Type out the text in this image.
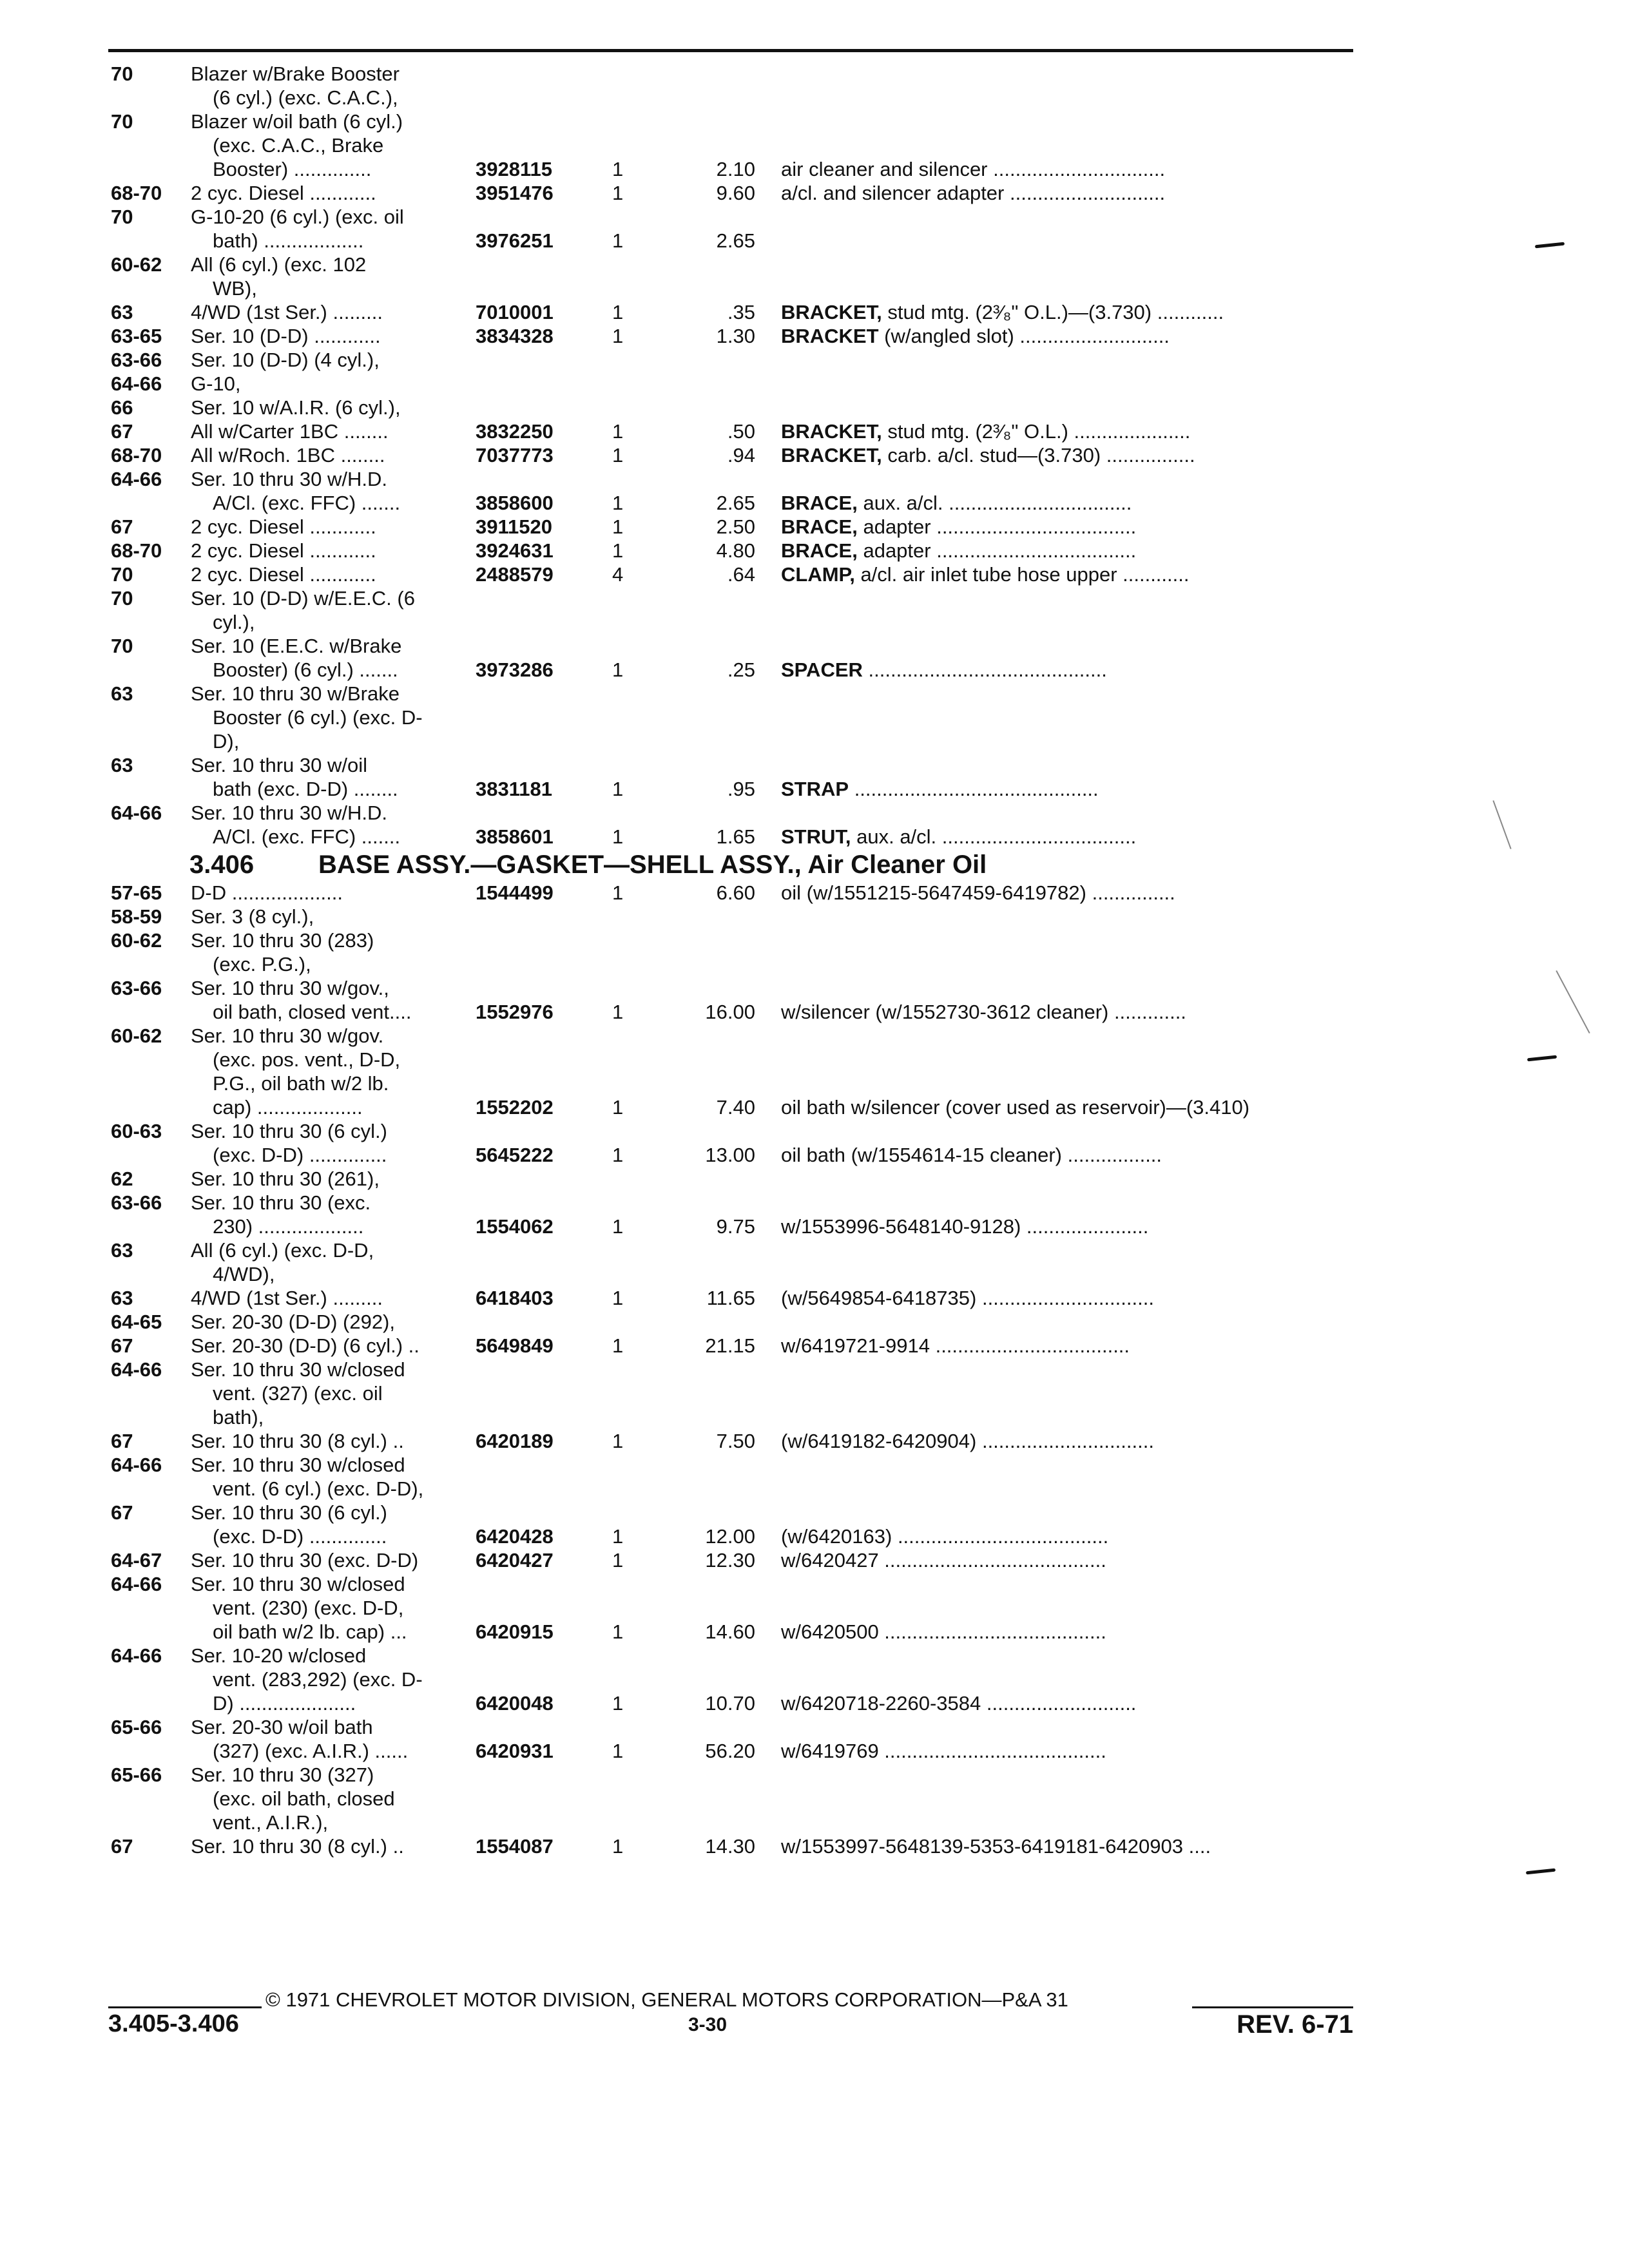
70	Blazer w/Brake Booster
(6 cyl.) (exc. C.A.C.),
70	Blazer w/oil bath (6 cyl.)
(exc. C.A.C., Brake
Booster) ..............	3928115	1	2.10 air cleaner and silencer ...............................
68-70 2 cyc. Diesel ............	3951476	1	9.60 a/cl. and silencer adapter ............................
70	G-10-20 (6 cyl.) (exc. oil
bath) ..................	3976251	1	2.65
60-62 All (6 cyl.) (exc. 102
WB),
63	4/WD (1st Ser.) .........	7010001	1	.35 BRACKET, stud mtg. (2³⁄₈" O.L.)—(3.730) ............
63-65 Ser. 10 (D-D) ............	3834328	1	1.30 BRACKET (w/angled slot) ...........................
63-66 Ser. 10 (D-D) (4 cyl.),
64-66 G-10,
66	Ser. 10 w/A.I.R. (6 cyl.),
67	All w/Carter 1BC ........	3832250	1	.50 BRACKET, stud mtg. (2³⁄₈" O.L.) .....................
68-70 All w/Roch. 1BC ........	7037773	1	.94 BRACKET, carb. a/cl. stud—(3.730) ................
64-66 Ser. 10 thru 30 w/H.D.
A/Cl. (exc. FFC) .......	3858600	1	2.65 BRACE, aux. a/cl. .................................
67	2 cyc. Diesel ............	3911520	1	2.50 BRACE, adapter ....................................
68-70 2 cyc. Diesel ............	3924631	1	4.80 BRACE, adapter ....................................
70	2 cyc. Diesel ............	2488579	4	.64 CLAMP, a/cl. air inlet tube hose upper ............
70	Ser. 10 (D-D) w/E.E.C. (6
cyl.),
70	Ser. 10 (E.E.C. w/Brake
Booster) (6 cyl.) .......	3973286	1	.25 SPACER ...........................................
63	Ser. 10 thru 30 w/Brake
Booster (6 cyl.) (exc. D-
D),
63	Ser. 10 thru 30 w/oil
bath (exc. D-D) ........	3831181	1	.95 STRAP ............................................
64-66 Ser. 10 thru 30 w/H.D.
A/Cl. (exc. FFC) .......	3858601	1	1.65 STRUT, aux. a/cl. ...................................
3.406 BASE ASSY.—GASKET—SHELL ASSY., Air Cleaner Oil
57-65 D-D ....................	1544499	1	6.60 oil (w/1551215-5647459-6419782) ...............
58-59 Ser. 3 (8 cyl.),
60-62 Ser. 10 thru 30 (283)
(exc. P.G.),
63-66 Ser. 10 thru 30 w/gov.,
oil bath, closed vent....	1552976	1	16.00 w/silencer (w/1552730-3612 cleaner) .............
60-62 Ser. 10 thru 30 w/gov.
(exc. pos. vent., D-D,
P.G., oil bath w/2 lb.
cap) ...................	1552202	1	7.40 oil bath w/silencer (cover used as reservoir)—(3.410)
60-63 Ser. 10 thru 30 (6 cyl.)
(exc. D-D) ..............	5645222	1	13.00 oil bath (w/1554614-15 cleaner) .................
62	Ser. 10 thru 30 (261),
63-66 Ser. 10 thru 30 (exc.
230) ...................	1554062	1	9.75 w/1553996-5648140-9128) ......................
63	All (6 cyl.) (exc. D-D,
4/WD),
63	4/WD (1st Ser.) .........	6418403	1	11.65 (w/5649854-6418735) ...............................
64-65 Ser. 20-30 (D-D) (292),
67	Ser. 20-30 (D-D) (6 cyl.) ..	5649849	1	21.15 w/6419721-9914 ...................................
64-66 Ser. 10 thru 30 w/closed
vent. (327) (exc. oil
bath),
67	Ser. 10 thru 30 (8 cyl.) ..	6420189	1	7.50 (w/6419182-6420904) ...............................
64-66 Ser. 10 thru 30 w/closed
vent. (6 cyl.) (exc. D-D),
67	Ser. 10 thru 30 (6 cyl.)
(exc. D-D) ..............	6420428	1	12.00 (w/6420163) ......................................
64-67 Ser. 10 thru 30 (exc. D-D)	6420427	1	12.30 w/6420427 ........................................
64-66 Ser. 10 thru 30 w/closed
vent. (230) (exc. D-D,
oil bath w/2 lb. cap) ...	6420915	1	14.60 w/6420500 ........................................
64-66 Ser. 10-20 w/closed
vent. (283,292) (exc. D-
D) .....................	6420048	1	10.70 w/6420718-2260-3584 ...........................
65-66 Ser. 20-30 w/oil bath
(327) (exc. A.I.R.) ......	6420931	1	56.20 w/6419769 ........................................
65-66 Ser. 10 thru 30 (327)
(exc. oil bath, closed
vent., A.I.R.),
67	Ser. 10 thru 30 (8 cyl.) ..	1554087	1	14.30 w/1553997-5648139-5353-6419181-6420903 ....
© 1971 CHEVROLET MOTOR DIVISION, GENERAL MOTORS CORPORATION—P&A 31
3.405-3.406	3-30	REV. 6-71
